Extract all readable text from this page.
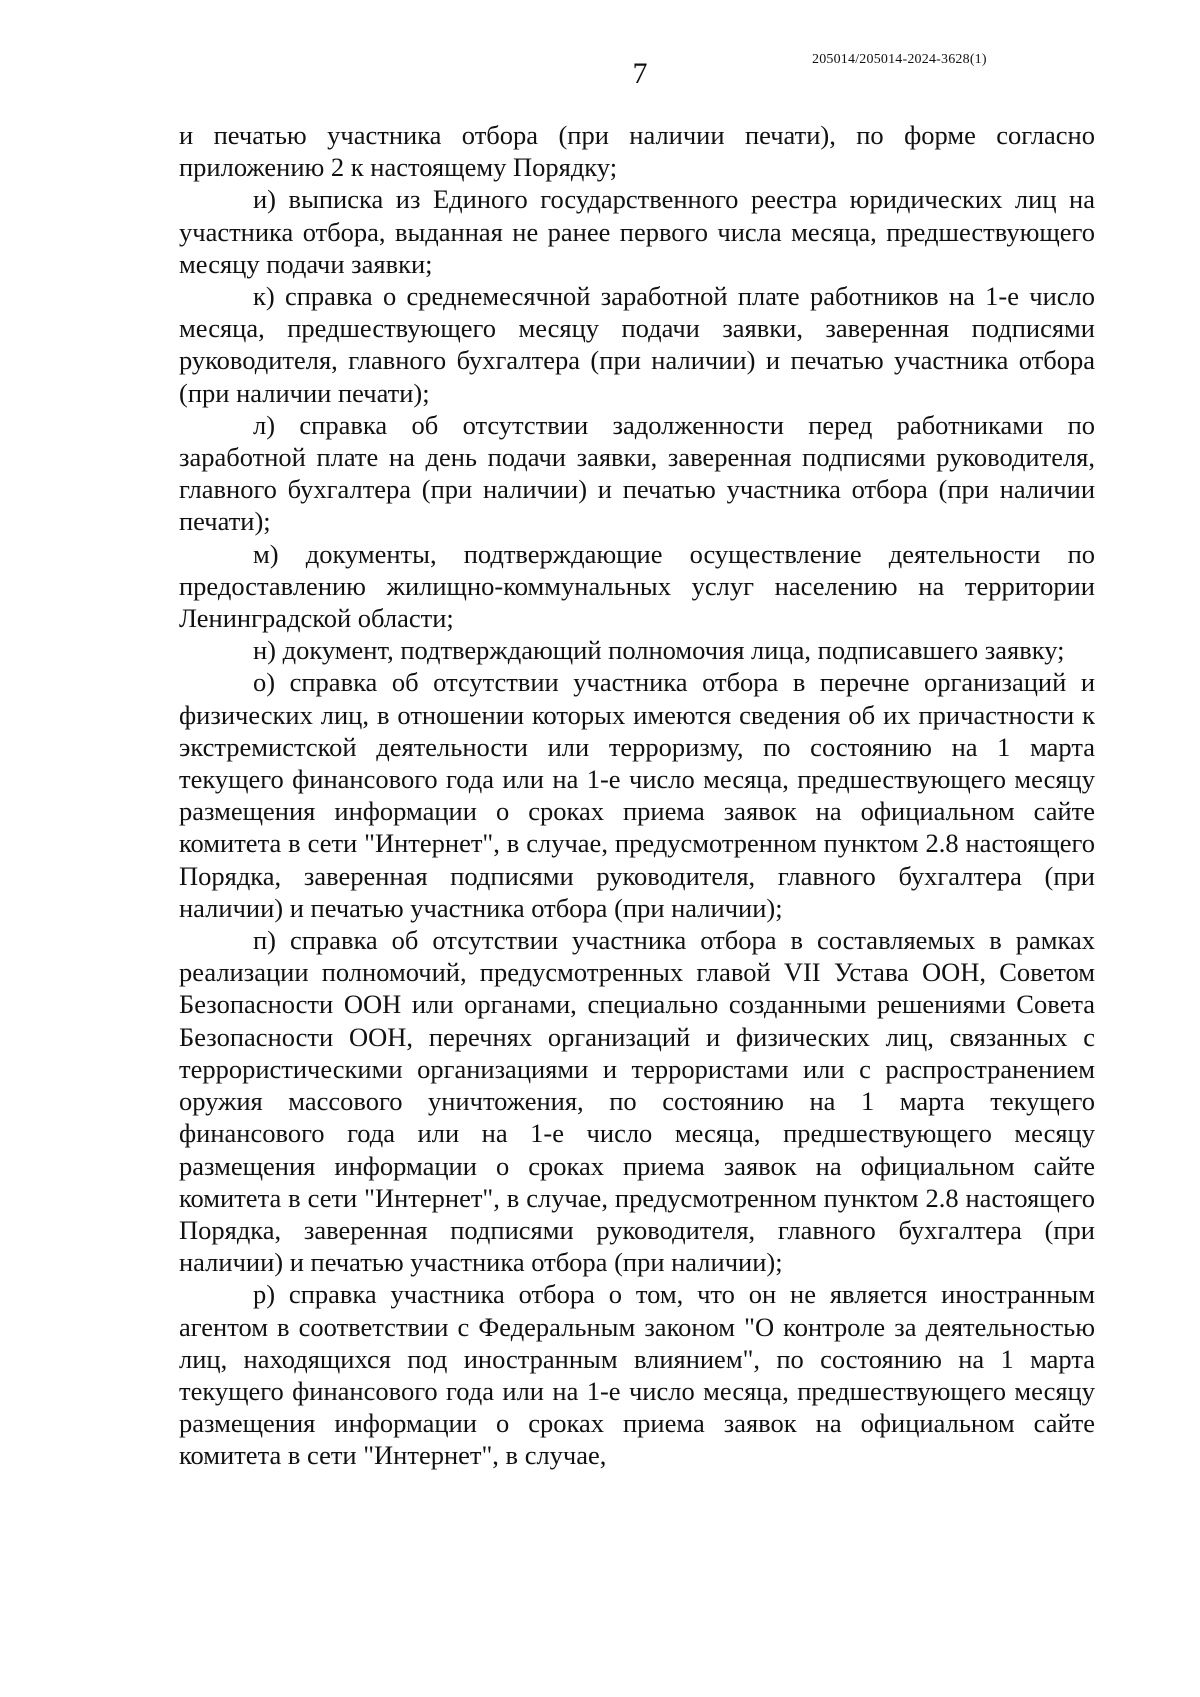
7	205014/205014-2024-3628(1)

и печатью участника отбора (при наличии печати), по форме согласно приложению 2 к настоящему Порядку;

и) выписка из Единого государственного реестра юридических лиц на участника отбора, выданная не ранее первого числа месяца, предшествующего месяцу подачи заявки;

к) справка о среднемесячной заработной плате работников на 1-е число месяца, предшествующего месяцу подачи заявки, заверенная подписями руководителя, главного бухгалтера (при наличии) и печатью участника отбора (при наличии печати);

л) справка об отсутствии задолженности перед работниками по заработной плате на день подачи заявки, заверенная подписями руководителя, главного бухгалтера (при наличии) и печатью участника отбора (при наличии печати);

м) документы, подтверждающие осуществление деятельности по предоставлению жилищно-коммунальных услуг населению на территории Ленинградской области;

н) документ, подтверждающий полномочия лица, подписавшего заявку;

о) справка об отсутствии участника отбора в перечне организаций и физических лиц, в отношении которых имеются сведения об их причастности к экстремистской деятельности или терроризму, по состоянию на 1 марта текущего финансового года или на 1-е число месяца, предшествующего месяцу размещения информации о сроках приема заявок на официальном сайте комитета в сети "Интернет", в случае, предусмотренном пунктом 2.8 настоящего Порядка, заверенная подписями руководителя, главного бухгалтера (при наличии) и печатью участника отбора (при наличии);

п) справка об отсутствии участника отбора в составляемых в рамках реализации полномочий, предусмотренных главой VII Устава ООН, Советом Безопасности ООН или органами, специально созданными решениями Совета Безопасности ООН, перечнях организаций и физических лиц, связанных с террористическими организациями и террористами или с распространением оружия массового уничтожения, по состоянию на 1 марта текущего финансового года или на 1-е число месяца, предшествующего месяцу размещения информации о сроках приема заявок на официальном сайте комитета в сети "Интернет", в случае, предусмотренном пунктом 2.8 настоящего Порядка, заверенная подписями руководителя, главного бухгалтера (при наличии) и печатью участника отбора (при наличии);

р) справка участника отбора о том, что он не является иностранным агентом в соответствии с Федеральным законом "О контроле за деятельностью лиц, находящихся под иностранным влиянием", по состоянию на 1 марта текущего финансового года или на 1-е число месяца, предшествующего месяцу размещения информации о сроках приема заявок на официальном сайте комитета в сети "Интернет", в случае,
